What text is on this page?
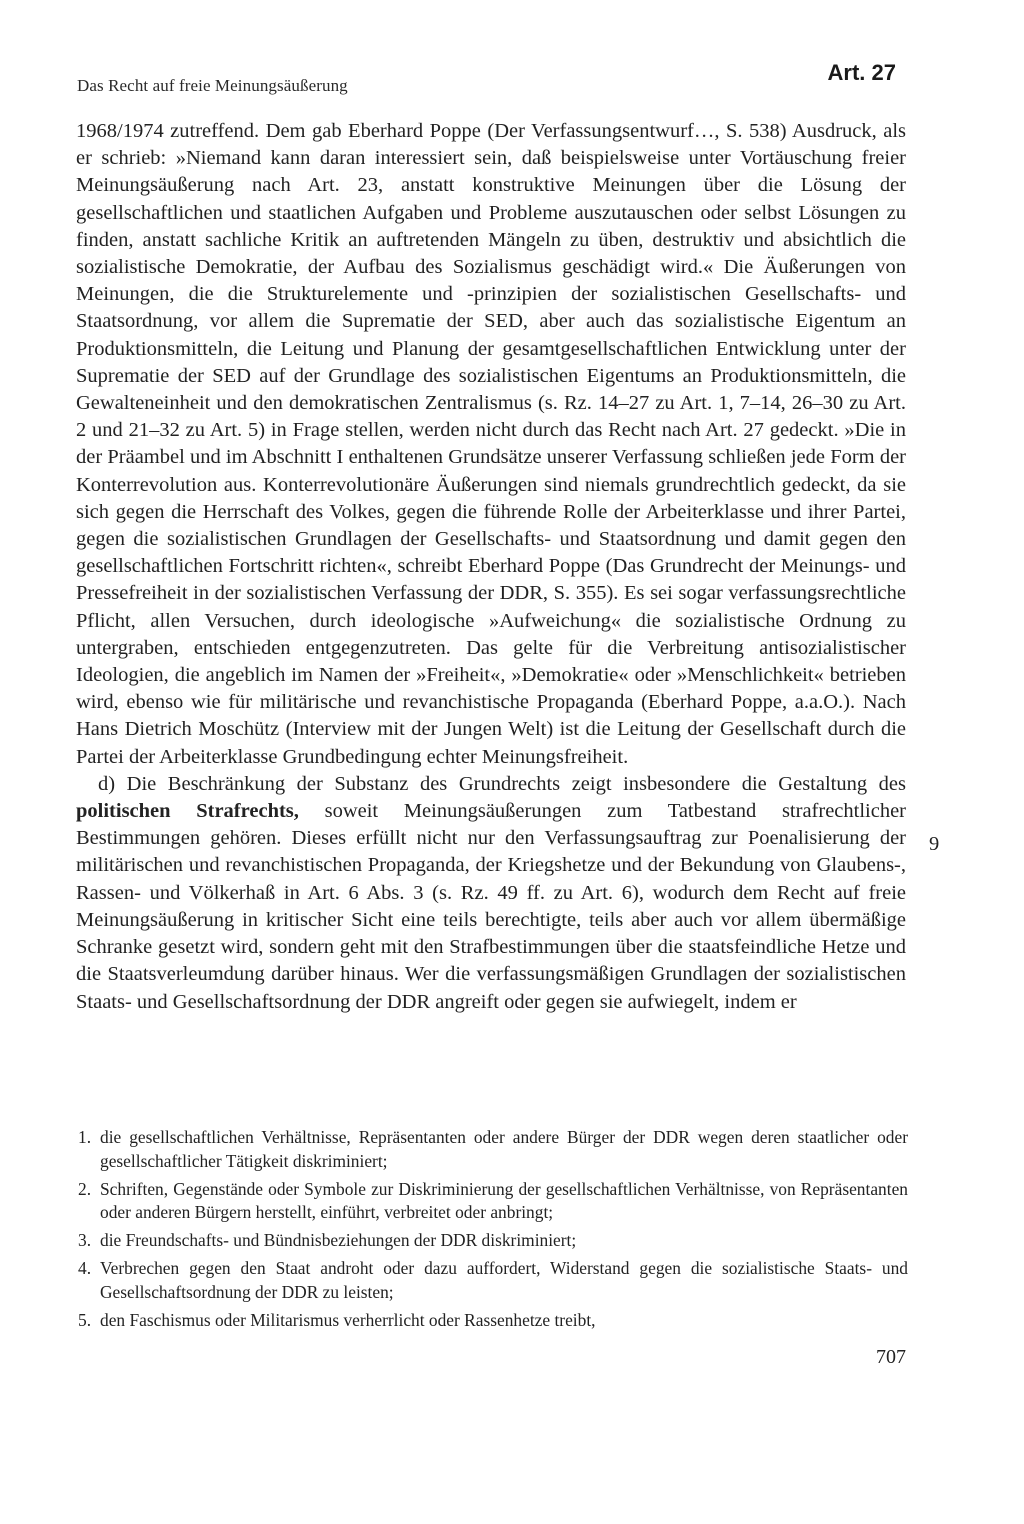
Das Recht auf freie Meinungsäußerung
Art. 27

1968/1974 zutreffend. Dem gab Eberhard Poppe (Der Verfassungsentwurf…, S. 538) Ausdruck, als er schrieb: »Niemand kann daran interessiert sein, daß beispielsweise unter Vortäuschung freier Meinungsäußerung nach Art. 23, anstatt konstruktive Meinungen über die Lösung der gesellschaftlichen und staatlichen Aufgaben und Probleme auszutauschen oder selbst Lösungen zu finden, anstatt sachliche Kritik an auftretenden Mängeln zu üben, destruktiv und absichtlich die sozialistische Demokratie, der Aufbau des Sozialismus geschädigt wird.« Die Äußerungen von Meinungen, die die Strukturelemente und -prinzipien der sozialistischen Gesellschafts- und Staatsordnung, vor allem die Suprematie der SED, aber auch das sozialistische Eigentum an Produktionsmitteln, die Leitung und Planung der gesamtgesellschaftlichen Entwicklung unter der Suprematie der SED auf der Grundlage des sozialistischen Eigentums an Produktionsmitteln, die Gewalteneinheit und den demokratischen Zentralismus (s. Rz. 14–27 zu Art. 1, 7–14, 26–30 zu Art. 2 und 21–32 zu Art. 5) in Frage stellen, werden nicht durch das Recht nach Art. 27 gedeckt. »Die in der Präambel und im Abschnitt I enthaltenen Grundsätze unserer Verfassung schließen jede Form der Konterrevolution aus. Konterrevolutionäre Äußerungen sind niemals grundrechtlich gedeckt, da sie sich gegen die Herrschaft des Volkes, gegen die führende Rolle der Arbeiterklasse und ihrer Partei, gegen die sozialistischen Grundlagen der Gesellschafts- und Staatsordnung und damit gegen den gesellschaftlichen Fortschritt richten«, schreibt Eberhard Poppe (Das Grundrecht der Meinungs- und Pressefreiheit in der sozialistischen Verfassung der DDR, S. 355). Es sei sogar verfassungsrechtliche Pflicht, allen Versuchen, durch ideologische »Aufweichung« die sozialistische Ordnung zu untergraben, entschieden entgegenzutreten. Das gelte für die Verbreitung antisozialistischer Ideologien, die angeblich im Namen der »Freiheit«, »Demokratie« oder »Menschlichkeit« betrieben wird, ebenso wie für militärische und revanchistische Propaganda (Eberhard Poppe, a.a.O.). Nach Hans Dietrich Moschütz (Interview mit der Jungen Welt) ist die Leitung der Gesellschaft durch die Partei der Arbeiterklasse Grundbedingung echter Meinungsfreiheit.

d) Die Beschränkung der Substanz des Grundrechts zeigt insbesondere die Gestaltung des politischen Strafrechts, soweit Meinungsäußerungen zum Tatbestand strafrechtlicher Bestimmungen gehören. Dieses erfüllt nicht nur den Verfassungsauftrag zur Poenalisierung der militärischen und revanchistischen Propaganda, der Kriegshetze und der Bekundung von Glaubens-, Rassen- und Völkerhaß in Art. 6 Abs. 3 (s. Rz. 49 ff. zu Art. 6), wodurch dem Recht auf freie Meinungsäußerung in kritischer Sicht eine teils berechtigte, teils aber auch vor allem übermäßige Schranke gesetzt wird, sondern geht mit den Strafbestimmungen über die staatsfeindliche Hetze und die Staatsverleumdung darüber hinaus. Wer die verfassungsmäßigen Grundlagen der sozialistischen Staats- und Gesellschaftsordnung der DDR angreift oder gegen sie aufwiegelt, indem er

9
1. die gesellschaftlichen Verhältnisse, Repräsentanten oder andere Bürger der DDR wegen deren staatlicher oder gesellschaftlicher Tätigkeit diskriminiert;
2. Schriften, Gegenstände oder Symbole zur Diskriminierung der gesellschaftlichen Verhältnisse, von Repräsentanten oder anderen Bürgern herstellt, einführt, verbreitet oder anbringt;
3. die Freundschafts- und Bündnisbeziehungen der DDR diskriminiert;
4. Verbrechen gegen den Staat androht oder dazu auffordert, Widerstand gegen die sozialistische Staats- und Gesellschaftsordnung der DDR zu leisten;
5. den Faschismus oder Militarismus verherrlicht oder Rassenhetze treibt,
707
